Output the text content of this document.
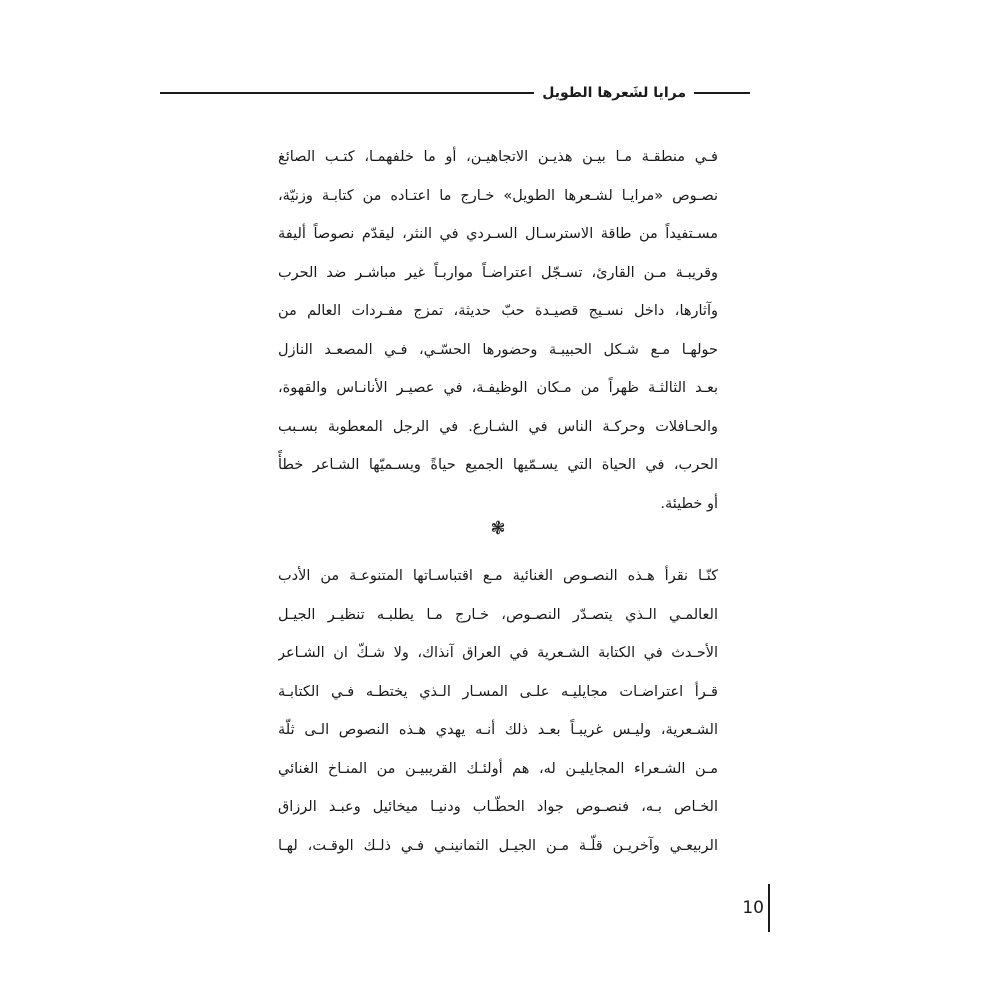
مرايا لشَعرها الطويل
فـي منطقـة مـا بيـن هذيـن الاتجاهيـن، أو ما خلفهمـا، كتـب الصائغ
نصـوص «مرايـا لشـعرها الطويل» خـارج ما اعتـاده من كتابـة وزنيّة،
مسـتفيداً من طاقة الاسترسـال السـردي في النثر، ليقدّم نصوصاً أليفة
وقريبـة مـن القارئ، تسـجّل اعتراضـاً مواربـاً غير مباشـر ضد الحرب
وآثارها، داخل نسـيج قصيـدة حبّ حديثة، تمزج مفـردات العالم من
حولهـا مـع شـكل الحبيبـة وحضورها الحسّـي، فـي المصعـد النازل
بعـد الثالثـة ظهراً من مـكان الوظيفـة، في عصيـر الأنانـاس والقهوة،
والحـافلات وحركـة الناس في الشـارع. في الرجل المعطوبة بسـبب
الحرب، في الحياة التي يسـمّيها الجميع حياةً ويسـميّها الشـاعر خطأً
أو خطيئة.
❃
كنّـا نقرأ هـذه النصـوص الغنائية مـع اقتباسـاتها المتنوعـة من الأدب
العالمـي الـذي يتصـدّر النصـوص، خـارج مـا يطلبـه تنظيـر الجيـل
الأحـدث في الكتابة الشـعرية في العراق آنذاك، ولا شـكّ ان الشـاعر
قـرأ اعتراضـات مجايليـه علـى المسـار الـذي يختطـه فـي الكتابـة
الشـعرية، وليـس غريبـاً بعـد ذلك أنـه يهدي هـذه النصوص الـى ثلّة
مـن الشـعراء المجايليـن له، هم أولئـك القريبيـن من المنـاخ الغنائي
الخـاص بـه، فنصـوص جواد الحطّـاب ودنيـا ميخائيل وعبـد الرزاق
الربيعـي وآخريـن قلّـة مـن الجيـل الثمانينـي فـي ذلـك الوقـت، لهـا
10
